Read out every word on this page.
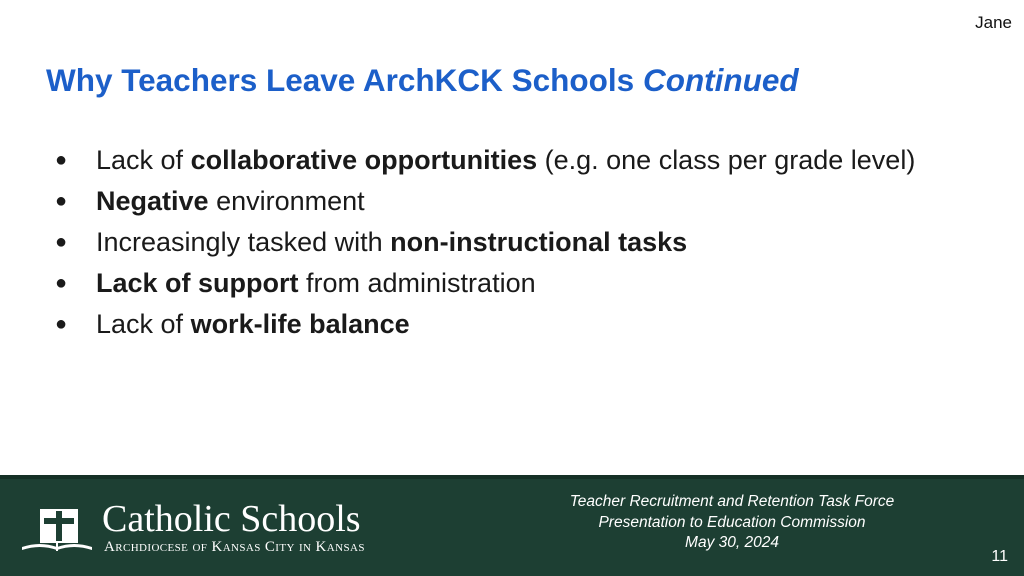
Jane
Why Teachers Leave ArchKCK Schools Continued
● Lack of collaborative opportunities (e.g. one class per grade level)
● Negative environment
● Increasingly tasked with non-instructional tasks
● Lack of support from administration
● Lack of work-life balance
Catholic Schools
Archdiocese of Kansas City in Kansas
Teacher Recruitment and Retention Task Force
Presentation to Education Commission
May 30, 2024
11
